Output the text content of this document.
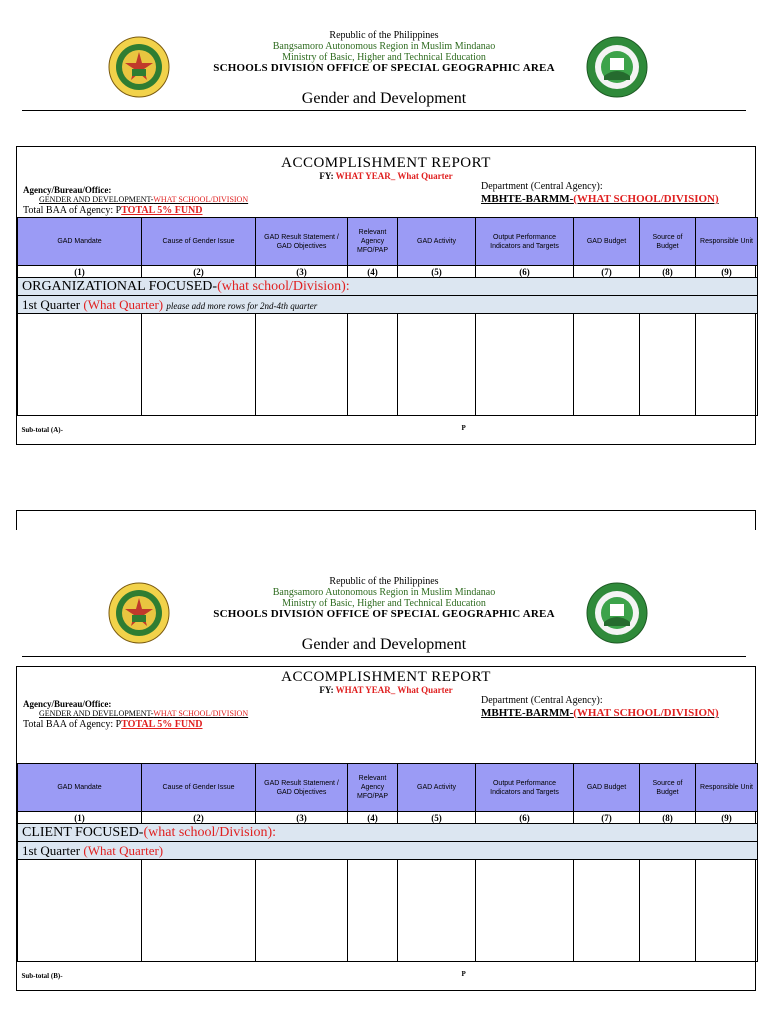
Republic of the Philippines
Bangsamoro Autonomous Region in Muslim Mindanao
Ministry of Basic, Higher and Technical Education
SCHOOLS DIVISION OFFICE OF SPECIAL GEOGRAPHIC AREA
Gender and Development
ACCOMPLISHMENT REPORT
FY: WHAT YEAR_ What Quarter
Agency/Bureau/Office:
GENDER AND DEVELOPMENT-WHAT SCHOOL/DIVISION
Total BAA of Agency: PTOTAL 5% FUND
Department (Central Agency):
MBHTE-BARMM-(WHAT SCHOOL/DIVISION)
GAD Mandate	Cause of Gender Issue	GAD Result Statement / GAD Objectives	Relevant Agency MFO/PAP	GAD Activity	Output Performance Indicators and Targets	GAD Budget	Source of Budget	Responsible Unit
(1)	(2)	(3)	(4)	(5)	(6)	(7)	(8)	(9)
ORGANIZATIONAL FOCUSED-(what school/Division):								
1st Quarter (What Quarter) please add more rows for 2nd-4th quarter								

Sub-total (A)- P								
Republic of the Philippines
Bangsamoro Autonomous Region in Muslim Mindanao
Ministry of Basic, Higher and Technical Education
SCHOOLS DIVISION OFFICE OF SPECIAL GEOGRAPHIC AREA
Gender and Development
ACCOMPLISHMENT REPORT
FY: WHAT YEAR_ What Quarter
Agency/Bureau/Office:
GENDER AND DEVELOPMENT-WHAT SCHOOL/DIVISION
Total BAA of Agency: PTOTAL 5% FUND
Department (Central Agency):
MBHTE-BARMM-(WHAT SCHOOL/DIVISION)
GAD Mandate	Cause of Gender Issue	GAD Result Statement / GAD Objectives	Relevant Agency MFO/PAP	GAD Activity	Output Performance Indicators and Targets	GAD Budget	Source of Budget	Responsible Unit
(1)	(2)	(3)	(4)	(5)	(6)	(7)	(8)	(9)
CLIENT FOCUSED-(what school/Division):								
1st Quarter (What Quarter)								

Sub-total (B)- P								
